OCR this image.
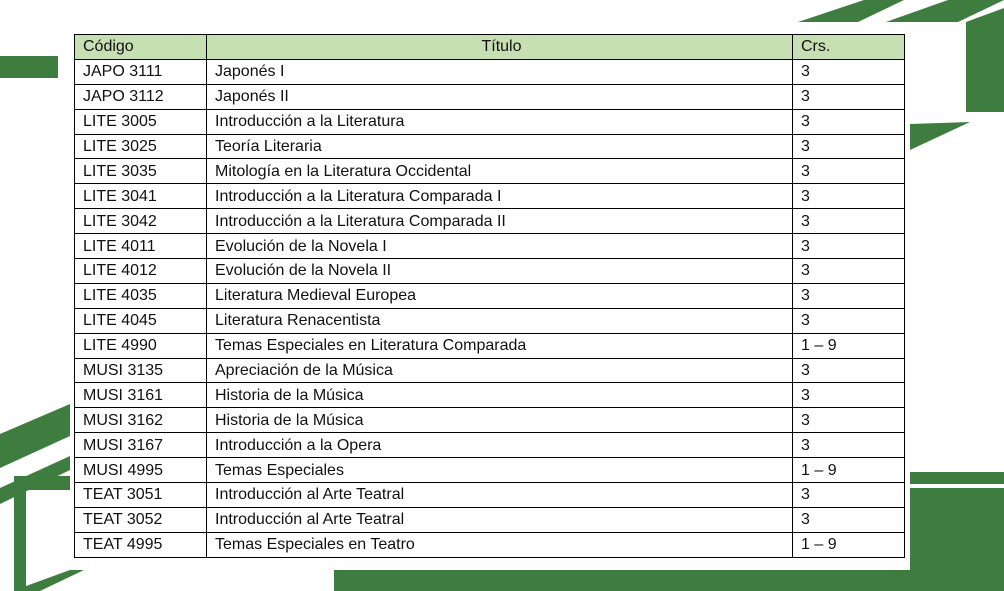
Código	Título	Crs.
JAPO 3111	Japonés I	3
JAPO 3112	Japonés II	3
LITE 3005	Introducción a la Literatura	3
LITE 3025	Teoría Literaria	3
LITE 3035	Mitología en la Literatura Occidental	3
LITE 3041	Introducción a la Literatura Comparada I	3
LITE 3042	Introducción a la Literatura Comparada II	3
LITE 4011	Evolución de la Novela I	3
LITE 4012	Evolución de la Novela II	3
LITE 4035	Literatura Medieval Europea	3
LITE 4045	Literatura Renacentista	3
LITE 4990	Temas Especiales en Literatura Comparada	1 – 9
MUSI 3135	Apreciación de la Música	3
MUSI 3161	Historia de la Música	3
MUSI 3162	Historia de la Música	3
MUSI 3167	Introducción a la Opera	3
MUSI 4995	Temas Especiales	1 – 9
TEAT 3051	Introducción al Arte Teatral	3
TEAT 3052	Introducción al Arte Teatral	3
TEAT 4995	Temas Especiales en Teatro	1 – 9
